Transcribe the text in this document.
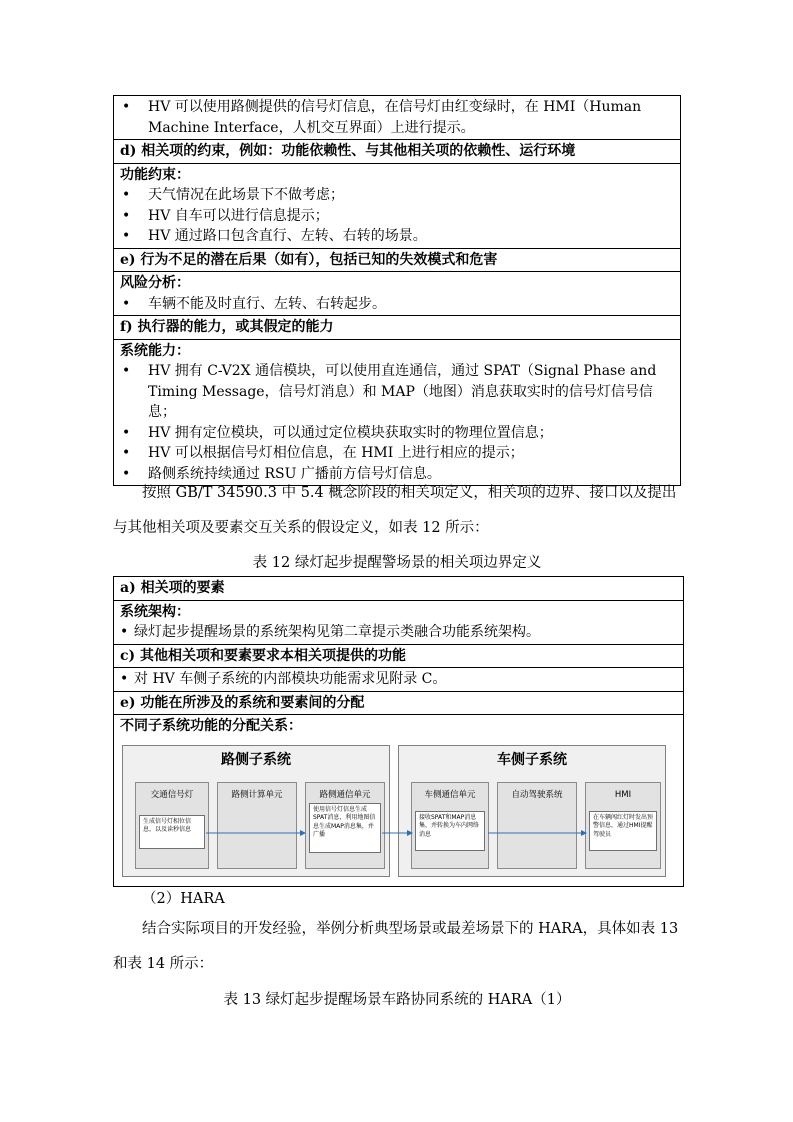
• HV 可以使用路侧提供的信号灯信息，在信号灯由红变绿时，在 HMI（Human Machine Interface，人机交互界面）上进行提示。

d) 相关项的约束，例如：功能依赖性、与其他相关项的依赖性、运行环境

功能约束：
• 天气情况在此场景下不做考虑；
• HV 自车可以进行信息提示；
• HV 通过路口包含直行、左转、右转的场景。

e) 行为不足的潜在后果（如有），包括已知的失效模式和危害

风险分析：
• 车辆不能及时直行、左转、右转起步。

f) 执行器的能力，或其假定的能力

系统能力：
• HV 拥有 C-V2X 通信模块，可以使用直连通信，通过 SPAT（Signal Phase and Timing Message，信号灯消息）和 MAP（地图）消息获取实时的信号灯信号信息；
• HV 拥有定位模块，可以通过定位模块获取实时的物理位置信息；
• HV 可以根据信号灯相位信息，在 HMI 上进行相应的提示；
• 路侧系统持续通过 RSU 广播前方信号灯信息。

按照 GB/T 34590.3 中 5.4 概念阶段的相关项定义，相关项的边界、接口以及提出与其他相关项及要素交互关系的假设定义，如表 12 所示：

表 12 绿灯起步提醒警场景的相关项边界定义

a) 相关项的要素

系统架构：
• 绿灯起步提醒场景的系统架构见第二章提示类融合功能系统架构。

c) 其他相关项和要素要求本相关项提供的功能

• 对 HV 车侧子系统的内部模块功能需求见附录 C。

e) 功能在所涉及的系统和要素间的分配

不同子系统功能的分配关系：
路侧子系统
交通信号灯
生成信号灯相位信息，以及读秒信息
路侧计算单元	路侧通信单元
使用信号灯信息生成SPAT消息，利用地图信息生成MAP消息集，并广播
车侧子系统
车侧通信单元
接收SPAT和MAP消息集，并转换为车内网络消息
自动驾驶系统	HMI
在车辆闯红灯时发出预警信息，通过HMI提醒驾驶员

（2）HARA

结合实际项目的开发经验，举例分析典型场景或最差场景下的 HARA，具体如表 13 和表 14 所示：

表 13 绿灯起步提醒场景车路协同系统的 HARA（1）
